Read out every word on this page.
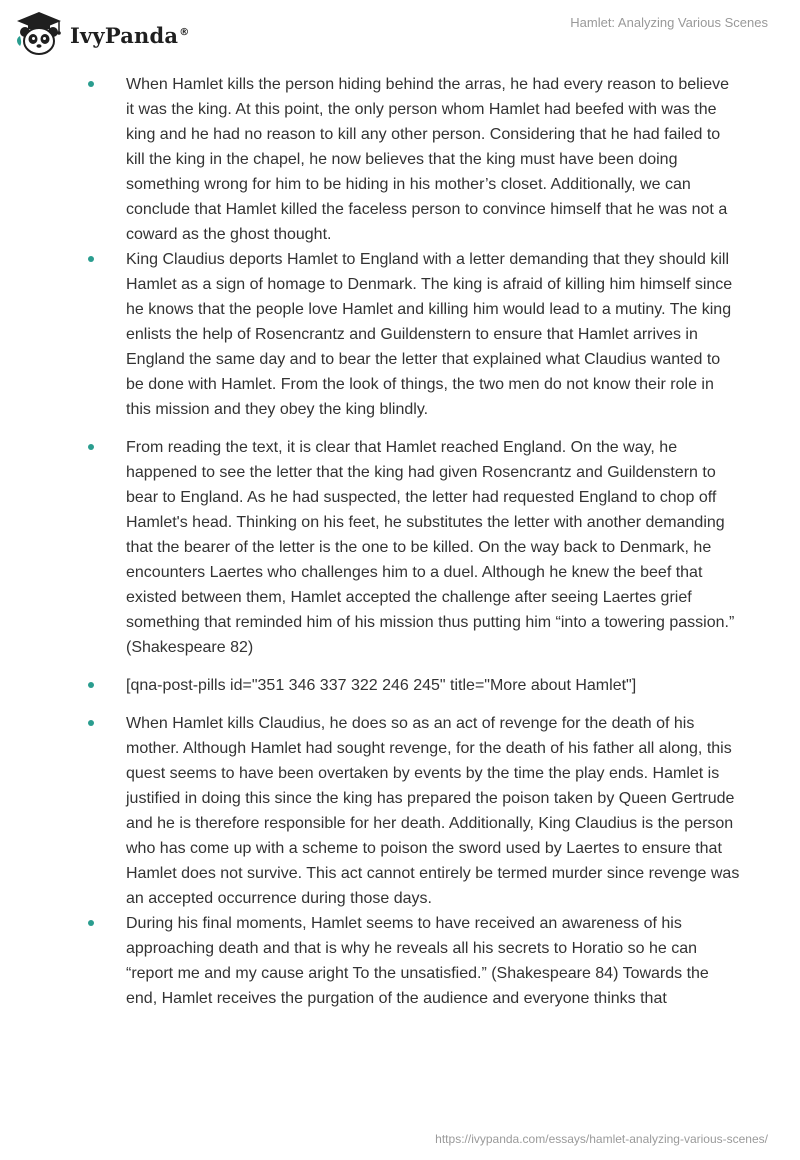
IvyPanda®
Hamlet: Analyzing Various Scenes
When Hamlet kills the person hiding behind the arras, he had every reason to believe it was the king. At this point, the only person whom Hamlet had beefed with was the king and he had no reason to kill any other person. Considering that he had failed to kill the king in the chapel, he now believes that the king must have been doing something wrong for him to be hiding in his mother’s closet. Additionally, we can conclude that Hamlet killed the faceless person to convince himself that he was not a coward as the ghost thought.
King Claudius deports Hamlet to England with a letter demanding that they should kill Hamlet as a sign of homage to Denmark. The king is afraid of killing him himself since he knows that the people love Hamlet and killing him would lead to a mutiny. The king enlists the help of Rosencrantz and Guildenstern to ensure that Hamlet arrives in England the same day and to bear the letter that explained what Claudius wanted to be done with Hamlet. From the look of things, the two men do not know their role in this mission and they obey the king blindly.
From reading the text, it is clear that Hamlet reached England. On the way, he happened to see the letter that the king had given Rosencrantz and Guildenstern to bear to England. As he had suspected, the letter had requested England to chop off Hamlet's head. Thinking on his feet, he substitutes the letter with another demanding that the bearer of the letter is the one to be killed. On the way back to Denmark, he encounters Laertes who challenges him to a duel. Although he knew the beef that existed between them, Hamlet accepted the challenge after seeing Laertes grief something that reminded him of his mission thus putting him “into a towering passion.” (Shakespeare 82)
[qna-post-pills id="351 346 337 322 246 245" title="More about Hamlet"]
When Hamlet kills Claudius, he does so as an act of revenge for the death of his mother. Although Hamlet had sought revenge, for the death of his father all along, this quest seems to have been overtaken by events by the time the play ends. Hamlet is justified in doing this since the king has prepared the poison taken by Queen Gertrude and he is therefore responsible for her death. Additionally, King Claudius is the person who has come up with a scheme to poison the sword used by Laertes to ensure that Hamlet does not survive. This act cannot entirely be termed murder since revenge was an accepted occurrence during those days.
During his final moments, Hamlet seems to have received an awareness of his approaching death and that is why he reveals all his secrets to Horatio so he can “report me and my cause aright To the unsatisfied.” (Shakespeare 84) Towards the end, Hamlet receives the purgation of the audience and everyone thinks that
https://ivypanda.com/essays/hamlet-analyzing-various-scenes/
